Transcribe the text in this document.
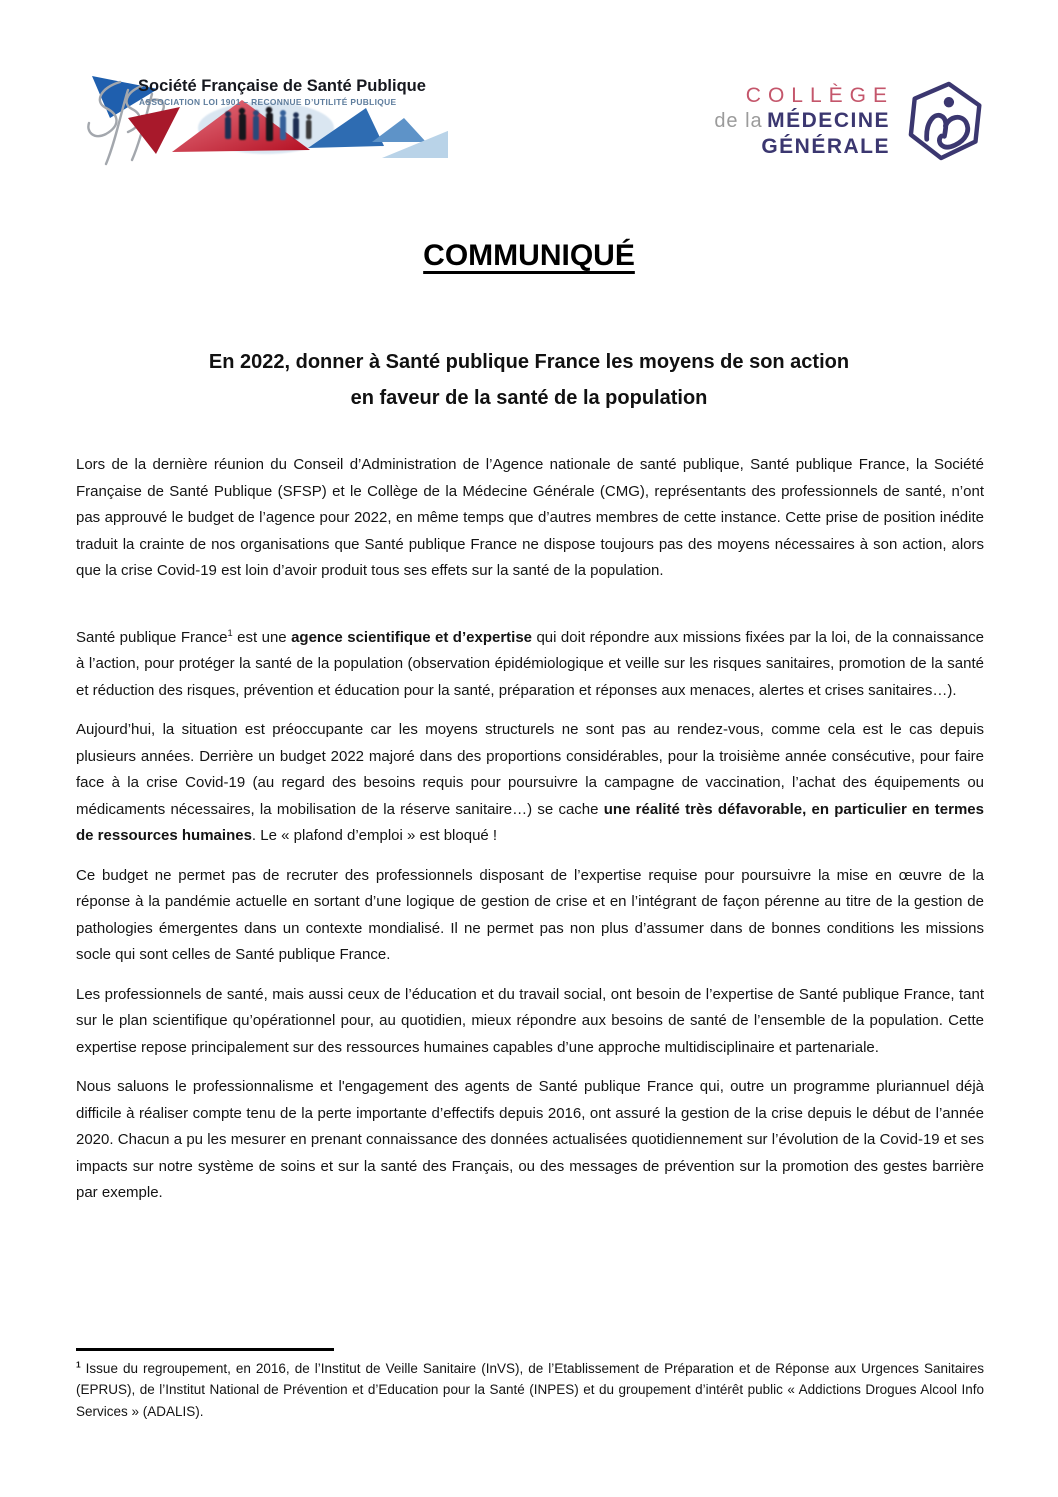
Société Française de Santé Publique
ASSOCIATION LOI 1901 – RECONNUE D’UTILITÉ PUBLIQUE	COLLÈGE
de la MÉDECINE
GÉNÉRALE
COMMUNIQUÉ
En 2022, donner à Santé publique France les moyens de son action
en faveur de la santé de la population

Lors de la dernière réunion du Conseil d’Administration de l’Agence nationale de santé publique, Santé publique France, la Société Française de Santé Publique (SFSP) et le Collège de la Médecine Générale (CMG), représentants des professionnels de santé, n’ont pas approuvé le budget de l’agence pour 2022, en même temps que d’autres membres de cette instance. Cette prise de position inédite traduit la crainte de nos organisations que Santé publique France ne dispose toujours pas des moyens nécessaires à son action, alors que la crise Covid-19 est loin d’avoir produit tous ses effets sur la santé de la population.

Santé publique France$^1$ est une agence scientifique et d’expertise qui doit répondre aux missions fixées par la loi, de la connaissance à l’action, pour protéger la santé de la population (observation épidémiologique et veille sur les risques sanitaires, promotion de la santé et réduction des risques, prévention et éducation pour la santé, préparation et réponses aux menaces, alertes et crises sanitaires…).

Aujourd’hui, la situation est préoccupante car les moyens structurels ne sont pas au rendez-vous, comme cela est le cas depuis plusieurs années. Derrière un budget 2022 majoré dans des proportions considérables, pour la troisième année consécutive, pour faire face à la crise Covid-19 (au regard des besoins requis pour poursuivre la campagne de vaccination, l’achat des équipements ou médicaments nécessaires, la mobilisation de la réserve sanitaire…) se cache une réalité très défavorable, en particulier en termes de ressources humaines. Le « plafond d’emploi » est bloqué !

Ce budget ne permet pas de recruter des professionnels disposant de l’expertise requise pour poursuivre la mise en œuvre de la réponse à la pandémie actuelle en sortant d’une logique de gestion de crise et en l’intégrant de façon pérenne au titre de la gestion de pathologies émergentes dans un contexte mondialisé. Il ne permet pas non plus d’assumer dans de bonnes conditions les missions socle qui sont celles de Santé publique France.

Les professionnels de santé, mais aussi ceux de l’éducation et du travail social, ont besoin de l’expertise de Santé publique France, tant sur le plan scientifique qu’opérationnel pour, au quotidien, mieux répondre aux besoins de santé de l’ensemble de la population. Cette expertise repose principalement sur des ressources humaines capables d’une approche multidisciplinaire et partenariale.

Nous saluons le professionnalisme et l'engagement des agents de Santé publique France qui, outre un programme pluriannuel déjà difficile à réaliser compte tenu de la perte importante d’effectifs depuis 2016, ont assuré la gestion de la crise depuis le début de l’année 2020. Chacun a pu les mesurer en prenant connaissance des données actualisées quotidiennement sur l’évolution de la Covid-19 et ses impacts sur notre système de soins et sur la santé des Français, ou des messages de prévention sur la promotion des gestes barrière par exemple.

$^1$ Issue du regroupement, en 2016, de l’Institut de Veille Sanitaire (InVS), de l’Etablissement de Préparation et de Réponse aux Urgences Sanitaires (EPRUS), de l’Institut National de Prévention et d’Education pour la Santé (INPES) et du groupement d’intérêt public « Addictions Drogues Alcool Info Services » (ADALIS).
